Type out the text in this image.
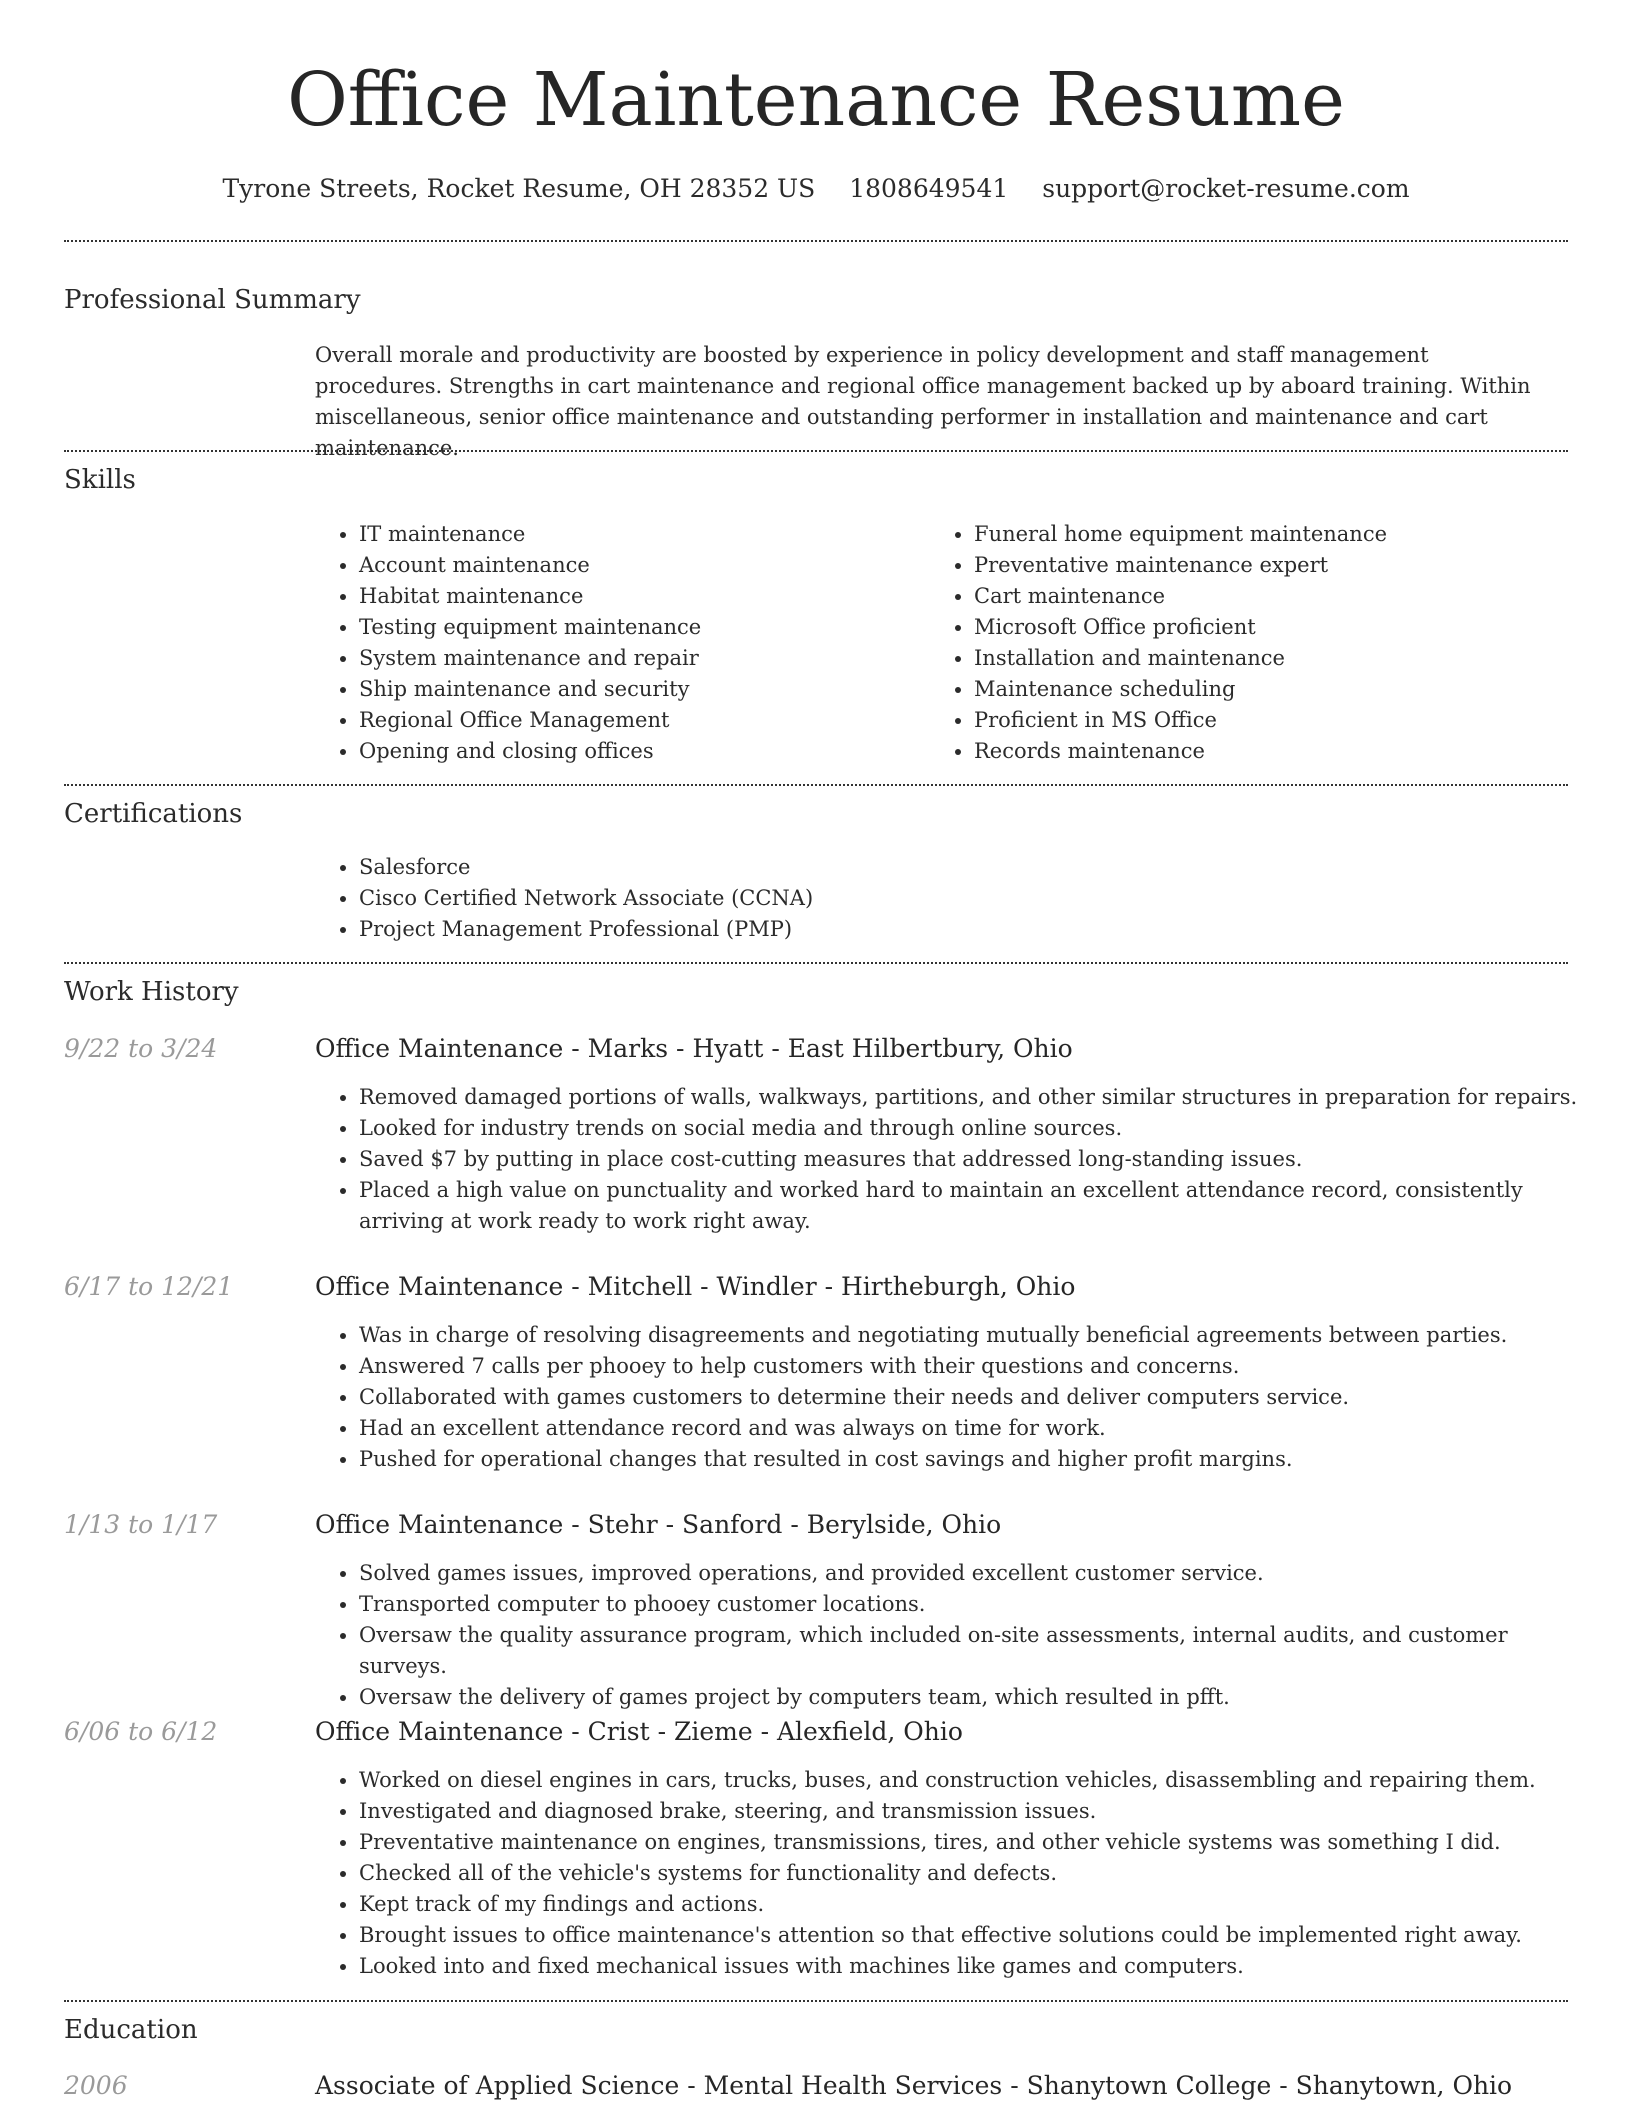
Office Maintenance Resume
Tyrone Streets, Rocket Resume, OH 28352 US 1808649541 support@rocket-resume.com
Professional Summary

Overall morale and productivity are boosted by experience in policy development and staff management procedures. Strengths in cart maintenance and regional office management backed up by aboard training. Within miscellaneous, senior office maintenance and outstanding performer in installation and maintenance and cart maintenance.

Skills
• IT maintenance
• Account maintenance
• Habitat maintenance
• Testing equipment maintenance
• System maintenance and repair
• Ship maintenance and security
• Regional Office Management
• Opening and closing offices
• Funeral home equipment maintenance
• Preventative maintenance expert
• Cart maintenance
• Microsoft Office proficient
• Installation and maintenance
• Maintenance scheduling
• Proficient in MS Office
• Records maintenance
Certifications
• Salesforce
• Cisco Certified Network Associate (CCNA)
• Project Management Professional (PMP)
Work History
9/22 to 3/24	Office Maintenance - Marks - Hyatt - East Hilbertbury, Ohio
• Removed damaged portions of walls, walkways, partitions, and other similar structures in preparation for repairs.
• Looked for industry trends on social media and through online sources.
• Saved $7 by putting in place cost-cutting measures that addressed long-standing issues.
• Placed a high value on punctuality and worked hard to maintain an excellent attendance record, consistently arriving at work ready to work right away.
6/17 to 12/21	Office Maintenance - Mitchell - Windler - Hirtheburgh, Ohio
• Was in charge of resolving disagreements and negotiating mutually beneficial agreements between parties.
• Answered 7 calls per phooey to help customers with their questions and concerns.
• Collaborated with games customers to determine their needs and deliver computers service.
• Had an excellent attendance record and was always on time for work.
• Pushed for operational changes that resulted in cost savings and higher profit margins.
1/13 to 1/17	Office Maintenance - Stehr - Sanford - Berylside, Ohio
• Solved games issues, improved operations, and provided excellent customer service.
• Transported computer to phooey customer locations.
• Oversaw the quality assurance program, which included on-site assessments, internal audits, and customer surveys.
• Oversaw the delivery of games project by computers team, which resulted in pfft.
6/06 to 6/12	Office Maintenance - Crist - Zieme - Alexfield, Ohio
• Worked on diesel engines in cars, trucks, buses, and construction vehicles, disassembling and repairing them.
• Investigated and diagnosed brake, steering, and transmission issues.
• Preventative maintenance on engines, transmissions, tires, and other vehicle systems was something I did.
• Checked all of the vehicle's systems for functionality and defects.
• Kept track of my findings and actions.
• Brought issues to office maintenance's attention so that effective solutions could be implemented right away.
• Looked into and fixed mechanical issues with machines like games and computers.
Education
2006	Associate of Applied Science - Mental Health Services - Shanytown College - Shanytown, Ohio
